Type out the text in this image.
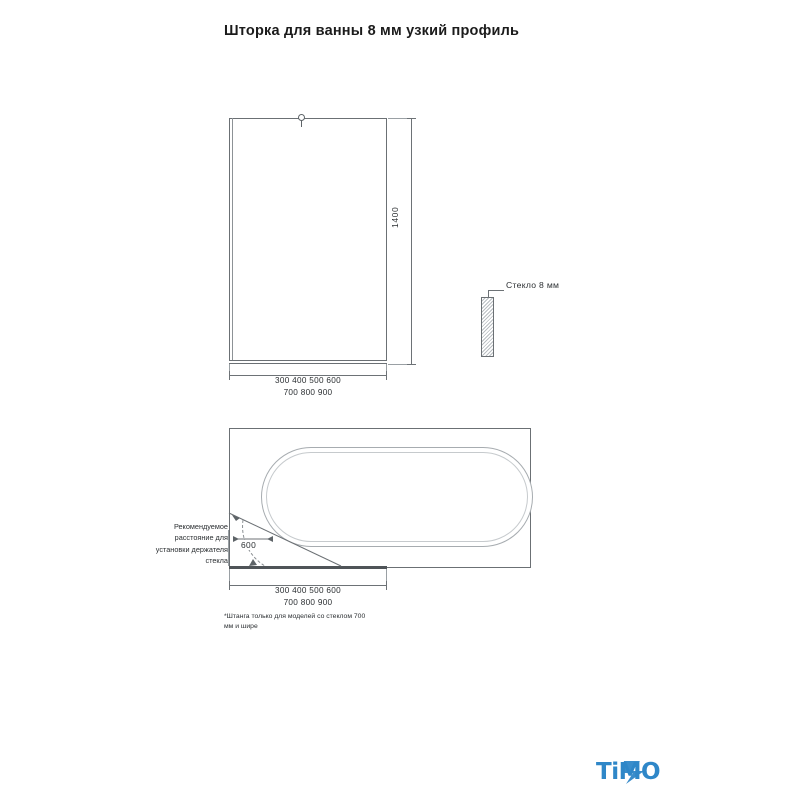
Шторка для ванны 8 мм узкий профиль
1400
300 400 500 600
700 800 900
Стекло 8 мм
600
Рекомендуемое расстояние для установки держателя стекла
300 400 500 600
700 800 900
*Штанга только для моделей со стеклом 700 мм и шире
TiMO
